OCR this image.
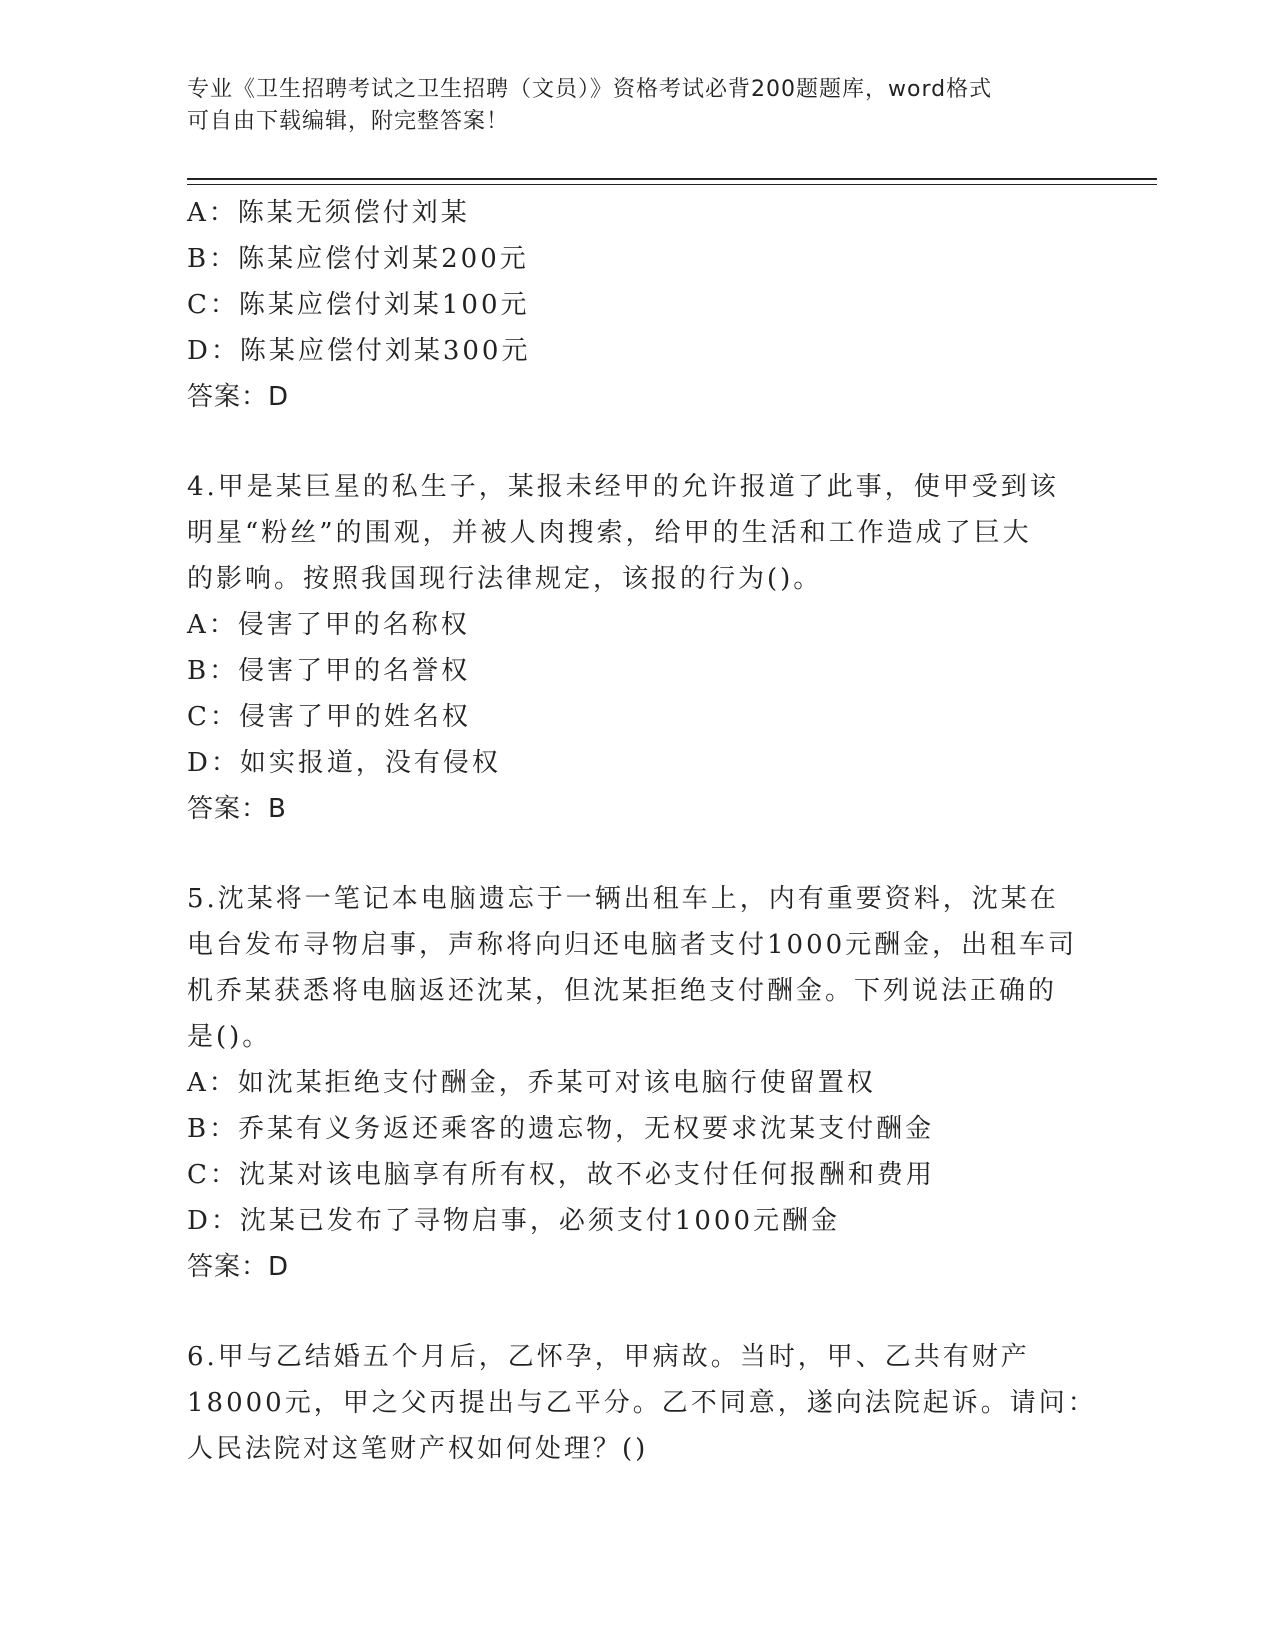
专业《卫生招聘考试之卫生招聘（文员）》资格考试必背200题题库，word格式
可自由下载编辑，附完整答案！
A：陈某无须偿付刘某
B：陈某应偿付刘某200元
C：陈某应偿付刘某100元
D：陈某应偿付刘某300元
答案：D
4.甲是某巨星的私生子，某报未经甲的允许报道了此事，使甲受到该
明星“粉丝”的围观，并被人肉搜索，给甲的生活和工作造成了巨大
的影响。按照我国现行法律规定，该报的行为()。
A：侵害了甲的名称权
B：侵害了甲的名誉权
C：侵害了甲的姓名权
D：如实报道，没有侵权
答案：B
5.沈某将一笔记本电脑遗忘于一辆出租车上，内有重要资料，沈某在
电台发布寻物启事，声称将向归还电脑者支付1000元酬金，出租车司
机乔某获悉将电脑返还沈某，但沈某拒绝支付酬金。下列说法正确的
是()。
A：如沈某拒绝支付酬金，乔某可对该电脑行使留置权
B：乔某有义务返还乘客的遗忘物，无权要求沈某支付酬金
C：沈某对该电脑享有所有权，故不必支付任何报酬和费用
D：沈某已发布了寻物启事，必须支付1000元酬金
答案：D
6.甲与乙结婚五个月后，乙怀孕，甲病故。当时，甲、乙共有财产
18000元，甲之父丙提出与乙平分。乙不同意，遂向法院起诉。请问：
人民法院对这笔财产权如何处理？()
